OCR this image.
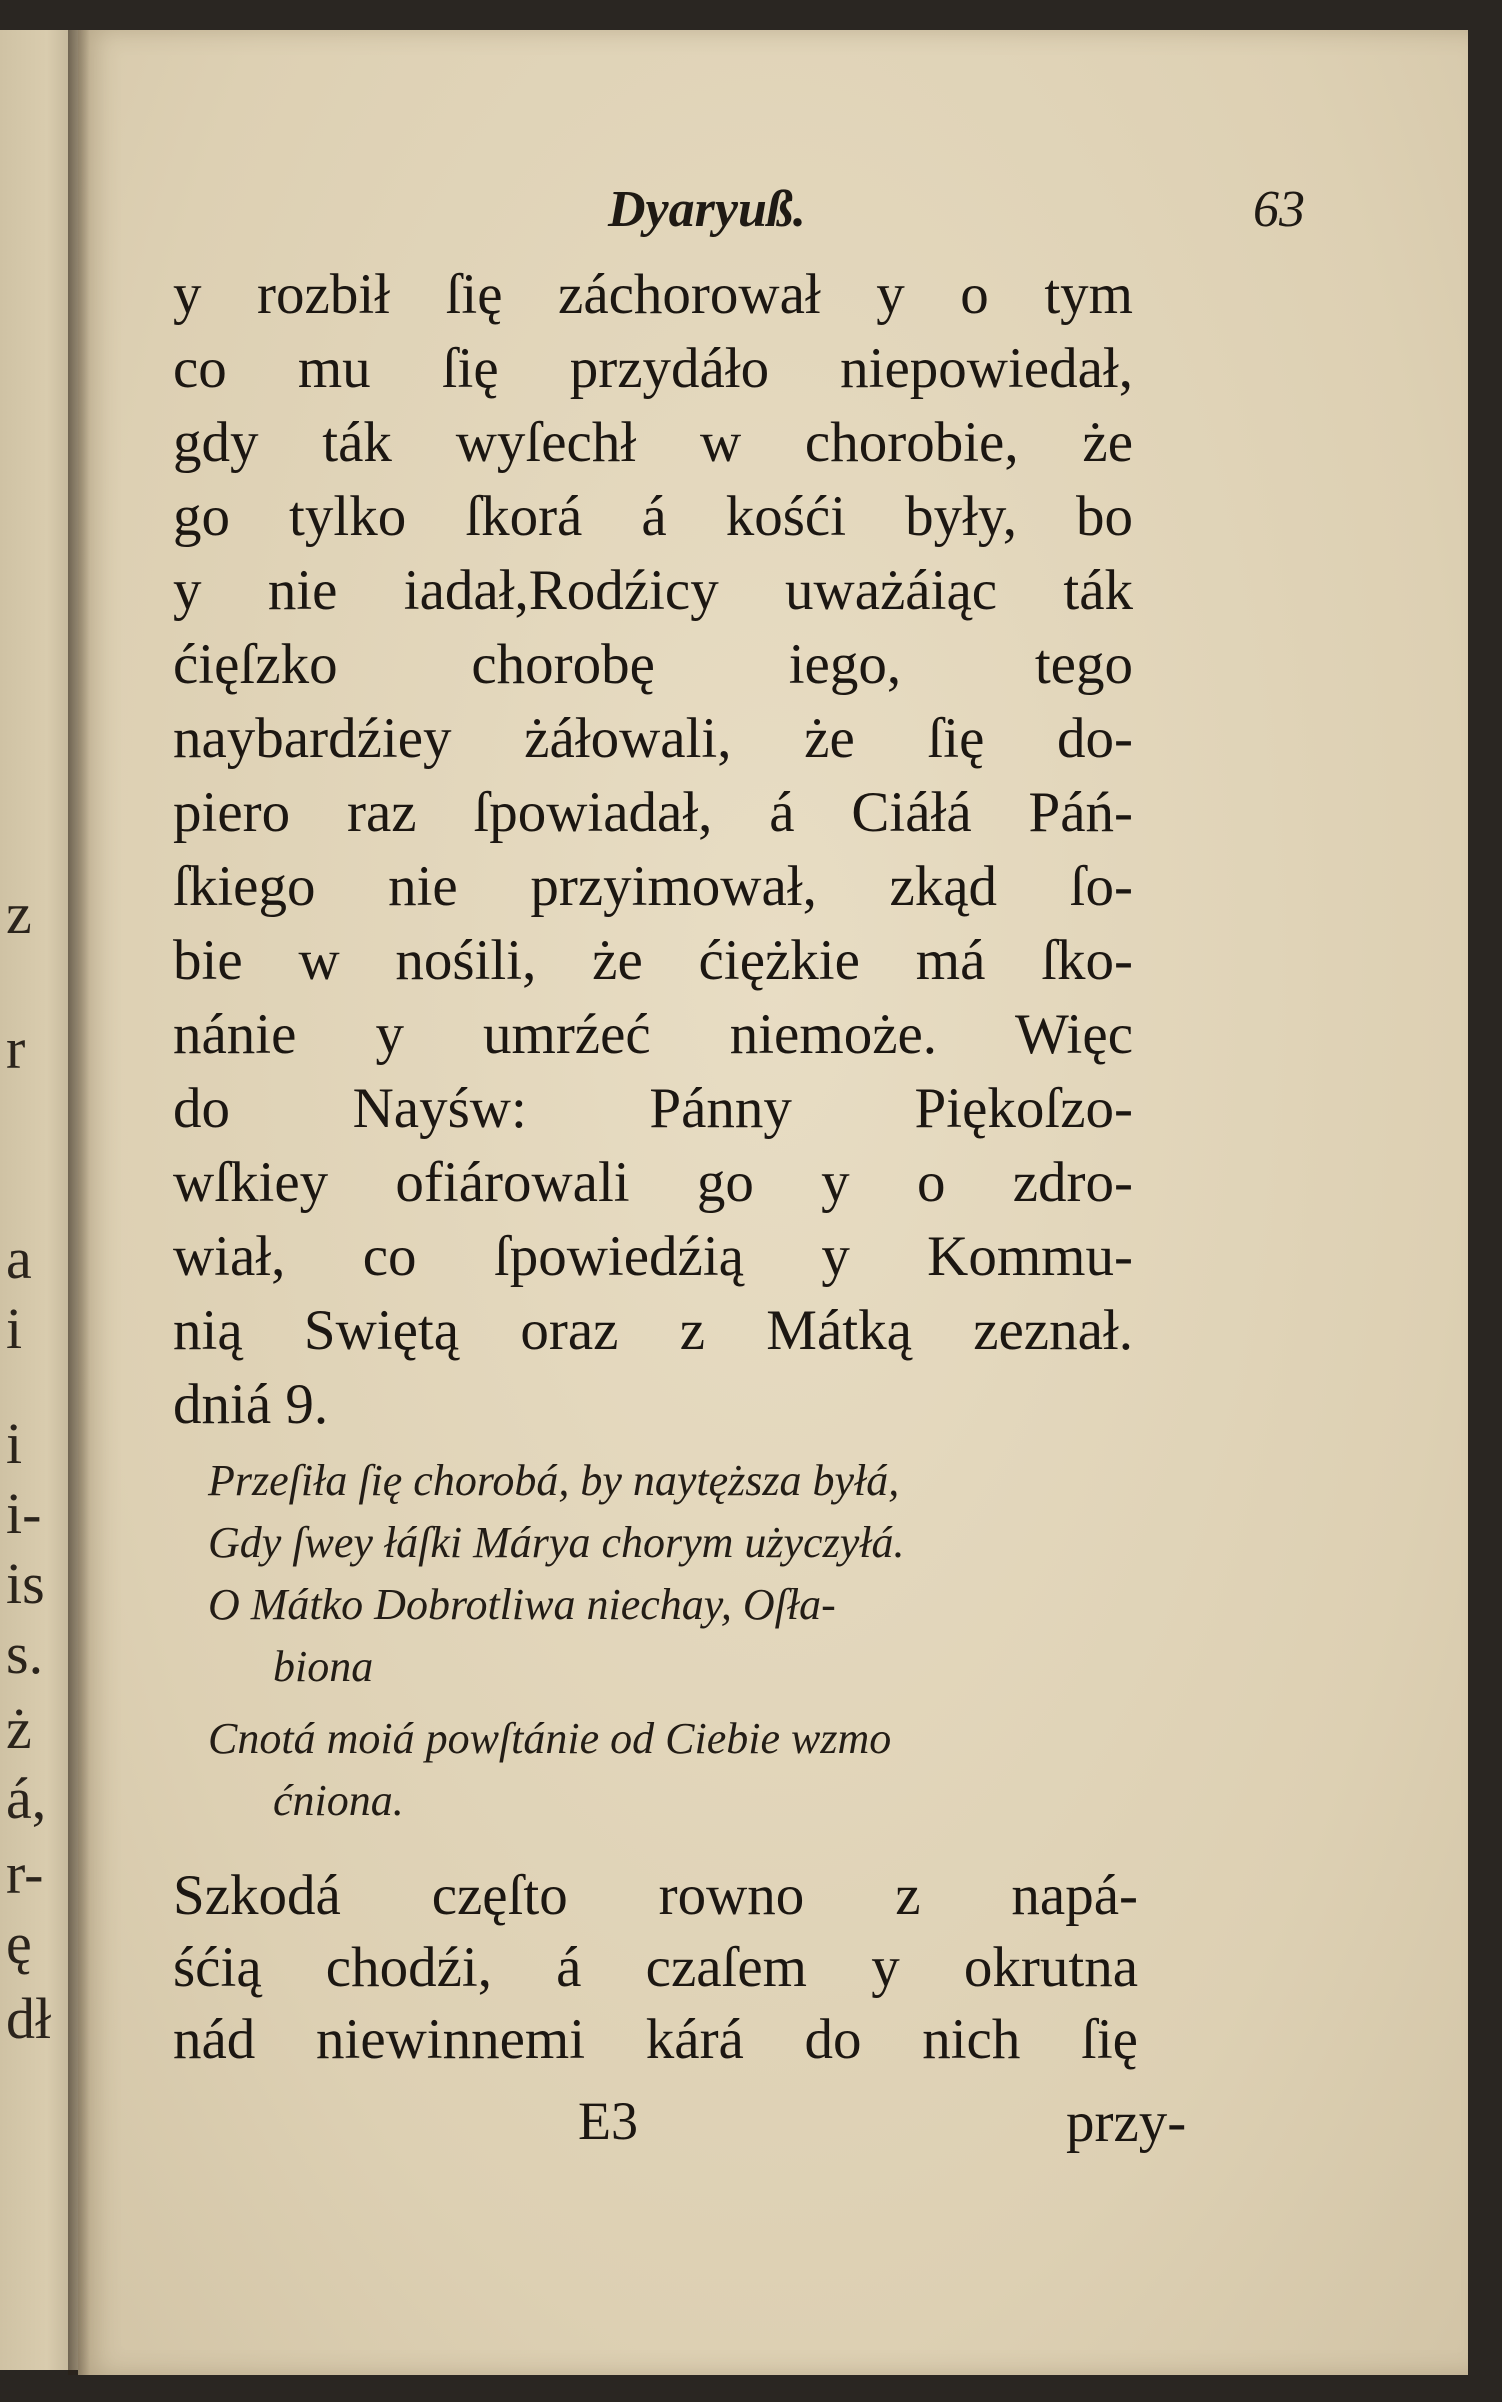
z
r
a
i
i
i-
is
s.
ż
á,
r-
ę
dł
Dyaryuß.	63
y rozbił ſię záchorował y o tym
co mu ſię przydáło niepowiedał,
gdy ták wyſechł w chorobie, że
go tylko ſkorá á kośći były, bo
y nie iadał,Rodźicy uważáiąc ták
ćięſzko chorobę iego, tego
naybardźiey żáłowali, że ſię do-
piero raz ſpowiadał, á Ciáłá Páń-
ſkiego nie przyimował, zkąd ſo-
bie w nośili, że ćiężkie má ſko-
nánie y umrźeć niemoże. Więc
do Nayśw: Pánny Piękoſzo-
wſkiey ofiárowali go y o zdro-
wiał, co ſpowiedźią y Kommu-
nią Swiętą oraz z Mátką zeznał.
dniá 9.
Przeſiła ſię chorobá, by naytęższa byłá,
Gdy ſwey łáſki Márya chorym użyczyłá.
O Mátko Dobrotliwa niechay, Oſła-
biona
Cnotá moiá powſtánie od Ciebie wzmo
ćniona.
Szkodá częſto rowno z napá-
śćią chodźi, á czaſem y okrutna
nád niewinnemi kárá do nich ſię
E3	przy-
